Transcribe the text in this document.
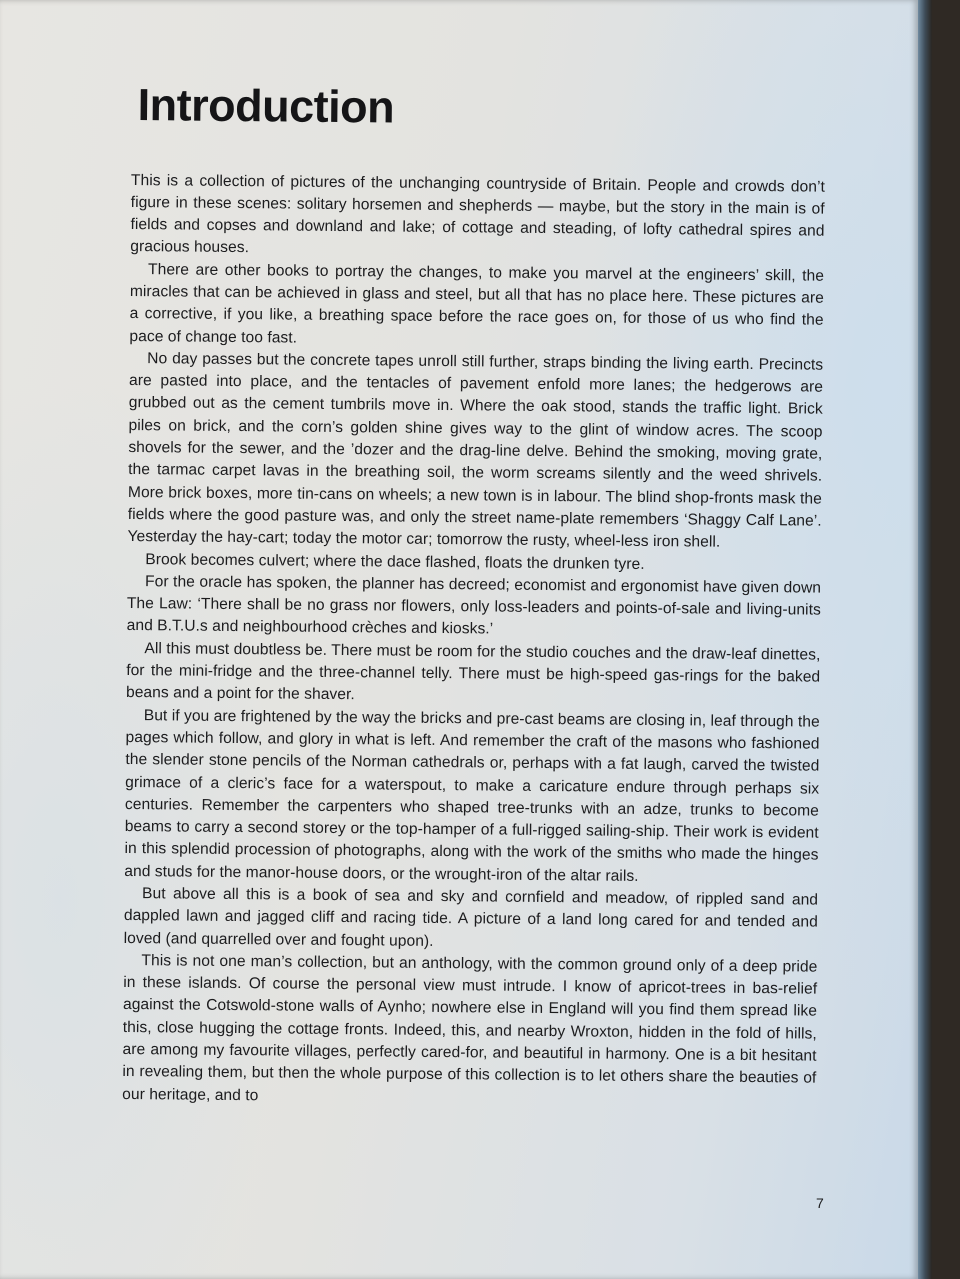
Introduction

This is a collection of pictures of the unchanging countryside of Britain. People and crowds don’t figure in these scenes: solitary horsemen and shepherds — maybe, but the story in the main is of fields and copses and downland and lake; of cottage and steading, of lofty cathedral spires and gracious houses.

There are other books to portray the changes, to make you marvel at the engineers’ skill, the miracles that can be achieved in glass and steel, but all that has no place here. These pictures are a corrective, if you like, a breathing space before the race goes on, for those of us who find the pace of change too fast.

No day passes but the concrete tapes unroll still further, straps binding the living earth. Precincts are pasted into place, and the tentacles of pavement enfold more lanes; the hedgerows are grubbed out as the cement tumbrils move in. Where the oak stood, stands the traffic light. Brick piles on brick, and the corn’s golden shine gives way to the glint of window acres. The scoop shovels for the sewer, and the ’dozer and the drag-line delve. Behind the smoking, moving grate, the tarmac carpet lavas in the breathing soil, the worm screams silently and the weed shrivels. More brick boxes, more tin-cans on wheels; a new town is in labour. The blind shop-fronts mask the fields where the good pasture was, and only the street name-plate remembers ‘Shaggy Calf Lane’. Yesterday the hay-cart; today the motor car; tomorrow the rusty, wheel-less iron shell.

Brook becomes culvert; where the dace flashed, floats the drunken tyre.

For the oracle has spoken, the planner has decreed; economist and ergonomist have given down The Law: ‘There shall be no grass nor flowers, only loss-leaders and points-of-sale and living-units and B.T.U.s and neighbourhood crèches and kiosks.’

All this must doubtless be. There must be room for the studio couches and the draw-leaf dinettes, for the mini-fridge and the three-channel telly. There must be high-speed gas-rings for the baked beans and a point for the shaver.

But if you are frightened by the way the bricks and pre-cast beams are closing in, leaf through the pages which follow, and glory in what is left. And remember the craft of the masons who fashioned the slender stone pencils of the Norman cathedrals or, perhaps with a fat laugh, carved the twisted grimace of a cleric’s face for a waterspout, to make a caricature endure through perhaps six centuries. Remember the carpenters who shaped tree-trunks with an adze, trunks to become beams to carry a second storey or the top-hamper of a full-rigged sailing-ship. Their work is evident in this splendid procession of photographs, along with the work of the smiths who made the hinges and studs for the manor-house doors, or the wrought-iron of the altar rails.

But above all this is a book of sea and sky and cornfield and meadow, of rippled sand and dappled lawn and jagged cliff and racing tide. A picture of a land long cared for and tended and loved (and quarrelled over and fought upon).

This is not one man’s collection, but an anthology, with the common ground only of a deep pride in these islands. Of course the personal view must intrude. I know of apricot-trees in bas-relief against the Cotswold-stone walls of Aynho; nowhere else in England will you find them spread like this, close hugging the cottage fronts. Indeed, this, and nearby Wroxton, hidden in the fold of hills, are among my favourite villages, perfectly cared-for, and beautiful in harmony. One is a bit hesitant in revealing them, but then the whole purpose of this collection is to let others share the beauties of our heritage, and to

7
